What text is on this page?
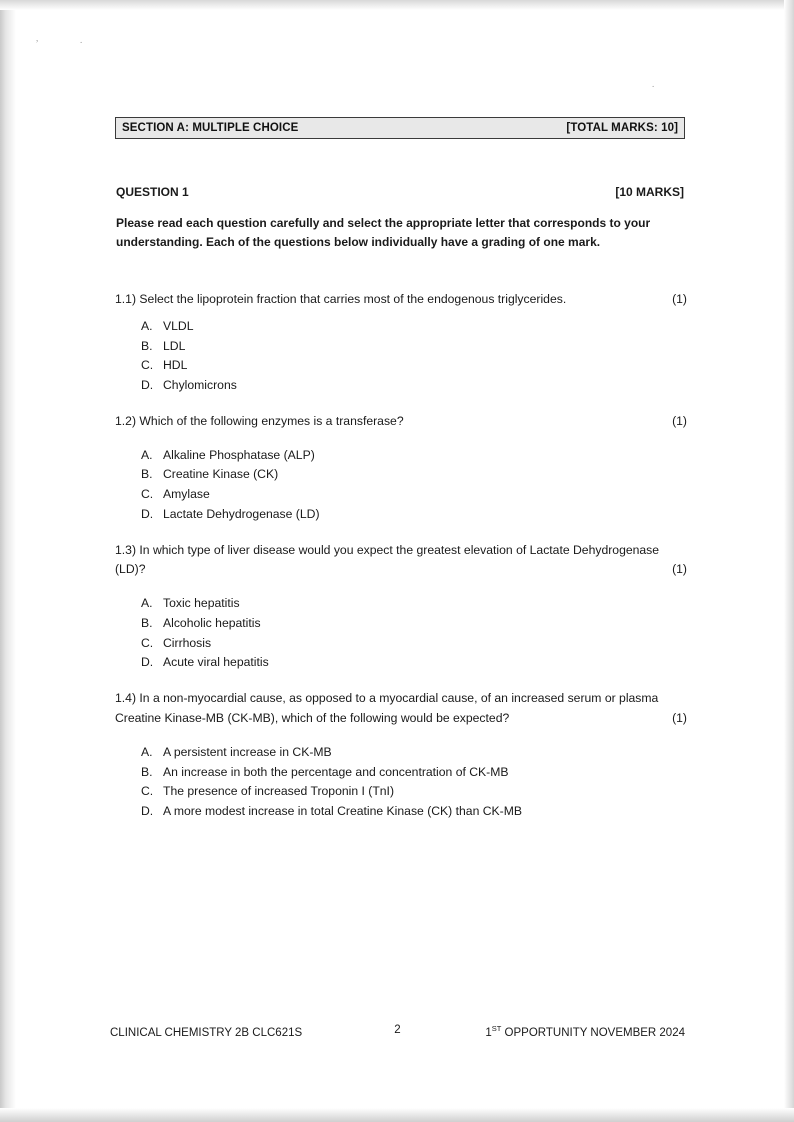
,	.
.
SECTION A: MULTIPLE CHOICE	[TOTAL MARKS: 10]
QUESTION 1	[10 MARKS]
Please read each question carefully and select the appropriate letter that corresponds to your understanding. Each of the questions below individually have a grading of one mark.
1.1) Select the lipoprotein fraction that carries most of the endogenous triglycerides.	(1)
A. VLDL
B. LDL
C. HDL
D. Chylomicrons
1.2) Which of the following enzymes is a transferase?	(1)
A. Alkaline Phosphatase (ALP)
B. Creatine Kinase (CK)
C. Amylase
D. Lactate Dehydrogenase (LD)
1.3) In which type of liver disease would you expect the greatest elevation of Lactate Dehydrogenase (LD)?	(1)
A. Toxic hepatitis
B. Alcoholic hepatitis
C. Cirrhosis
D. Acute viral hepatitis
1.4) In a non-myocardial cause, as opposed to a myocardial cause, of an increased serum or plasma Creatine Kinase-MB (CK-MB), which of the following would be expected?	(1)
A. A persistent increase in CK-MB
B. An increase in both the percentage and concentration of CK-MB
C. The presence of increased Troponin I (TnI)
D. A more modest increase in total Creatine Kinase (CK) than CK-MB
CLINICAL CHEMISTRY 2B CLC621S	2	1ST OPPORTUNITY NOVEMBER 2024
